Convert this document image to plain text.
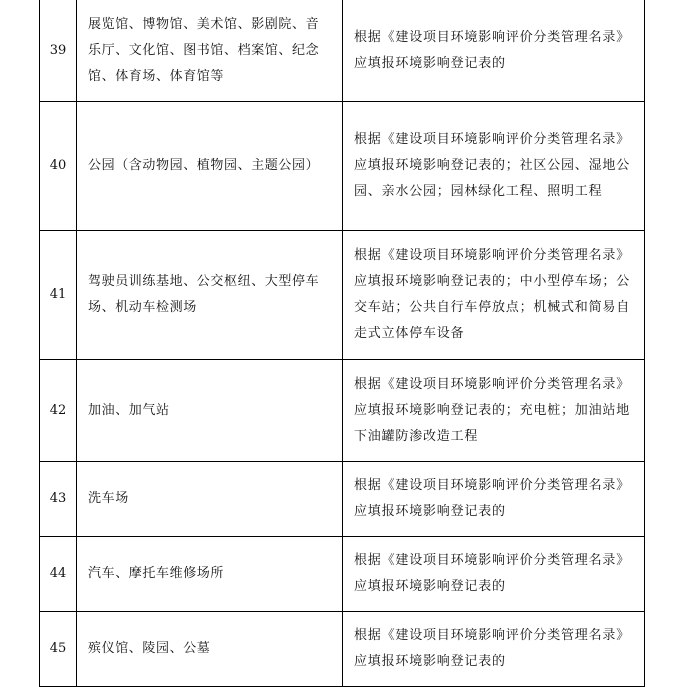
39	展览馆、博物馆、美术馆、影剧院、音乐厅、文化馆、图书馆、档案馆、纪念馆、体育场、体育馆等	根据《建设项目环境影响评价分类管理名录》应填报环境影响登记表的

40	公园（含动物园、植物园、主题公园）	根据《建设项目环境影响评价分类管理名录》应填报环境影响登记表的；社区公园、湿地公园、亲水公园；园林绿化工程、照明工程

41	驾驶员训练基地、公交枢纽、大型停车场、机动车检测场	根据《建设项目环境影响评价分类管理名录》应填报环境影响登记表的；中小型停车场；公交车站；公共自行车停放点；机械式和简易自走式立体停车设备

42	加油、加气站	根据《建设项目环境影响评价分类管理名录》应填报环境影响登记表的；充电桩；加油站地下油罐防渗改造工程

43	洗车场	根据《建设项目环境影响评价分类管理名录》应填报环境影响登记表的

44	汽车、摩托车维修场所	根据《建设项目环境影响评价分类管理名录》应填报环境影响登记表的

45	殡仪馆、陵园、公墓	根据《建设项目环境影响评价分类管理名录》应填报环境影响登记表的
